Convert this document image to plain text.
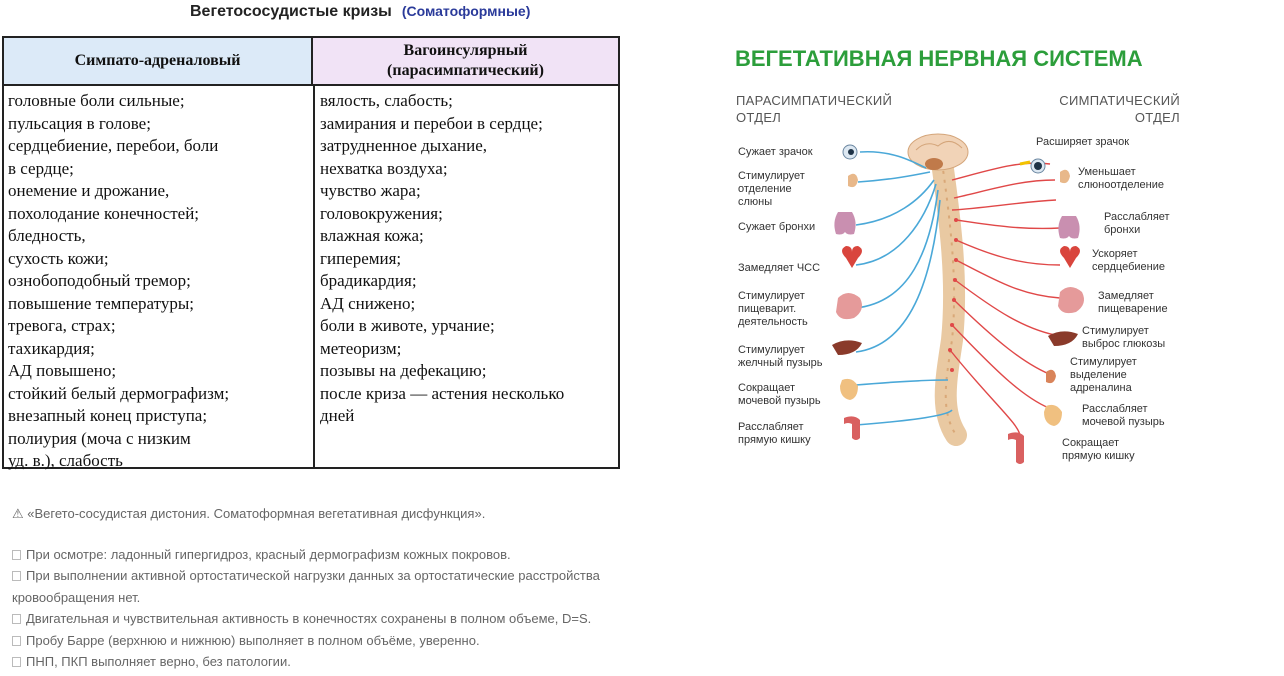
Вегетососудистые кризы (Соматоформные)
Симпато-адреналовый
Вагоинсулярный
(парасимпатический)
головные боли сильные;
пульсация в голове;
сердцебиение, перебои, боли
в сердце;
онемение и дрожание,
похолодание конечностей;
бледность,
сухость кожи;
ознобоподобный тремор;
повышение температуры;
тревога, страх;
тахикардия;
АД повышено;
стойкий белый дермографизм;
внезапный конец приступа;
полиурия (моча с низким
уд. в.), слабость
вялость, слабость;
замирания и перебои в сердце;
затрудненное дыхание,
нехватка воздуха;
чувство жара;
головокружения;
влажная кожа;
гиперемия;
брадикардия;
АД снижено;
боли в животе, урчание;
метеоризм;
позывы на дефекацию;
после криза — астения несколько
дней
⚠ «Вегето-сосудистая дистония. Соматоформная вегетативная дисфункция».
При осмотре: ладонный гипергидроз, красный дермографизм кожных покровов.
При выполнении активной ортостатической нагрузки данных за ортостатические расстройства
кровообращения нет.
Двигательная и чувствительная активность в конечностях сохранены в полном объеме, D=S.
Пробу Барре (верхнюю и нижнюю) выполняет в полном объёме, уверенно.
ПНП, ПКП выполняет верно, без патологии.
ВЕГЕТАТИВНАЯ НЕРВНАЯ СИСТЕМА
ПАРАСИМПАТИЧЕСКИЙ
ОТДЕЛ
СИМПАТИЧЕСКИЙ
ОТДЕЛ
Сужает зрачок
Стимулирует
отделение
слюны
Сужает бронхи
Замедляет ЧСС
Стимулирует
пищеварит.
деятельность
Стимулирует
желчный пузырь
Сокращает
мочевой пузырь
Расслабляет
прямую кишку
Расширяет зрачок
Уменьшает
слюноотделение
Расслабляет
бронхи
Ускоряет
сердцебиение
Замедляет
пищеварение
Стимулирует
выброс глюкозы
Стимулирует
выделение
адреналина
Расслабляет
мочевой пузырь
Сокращает
прямую кишку
